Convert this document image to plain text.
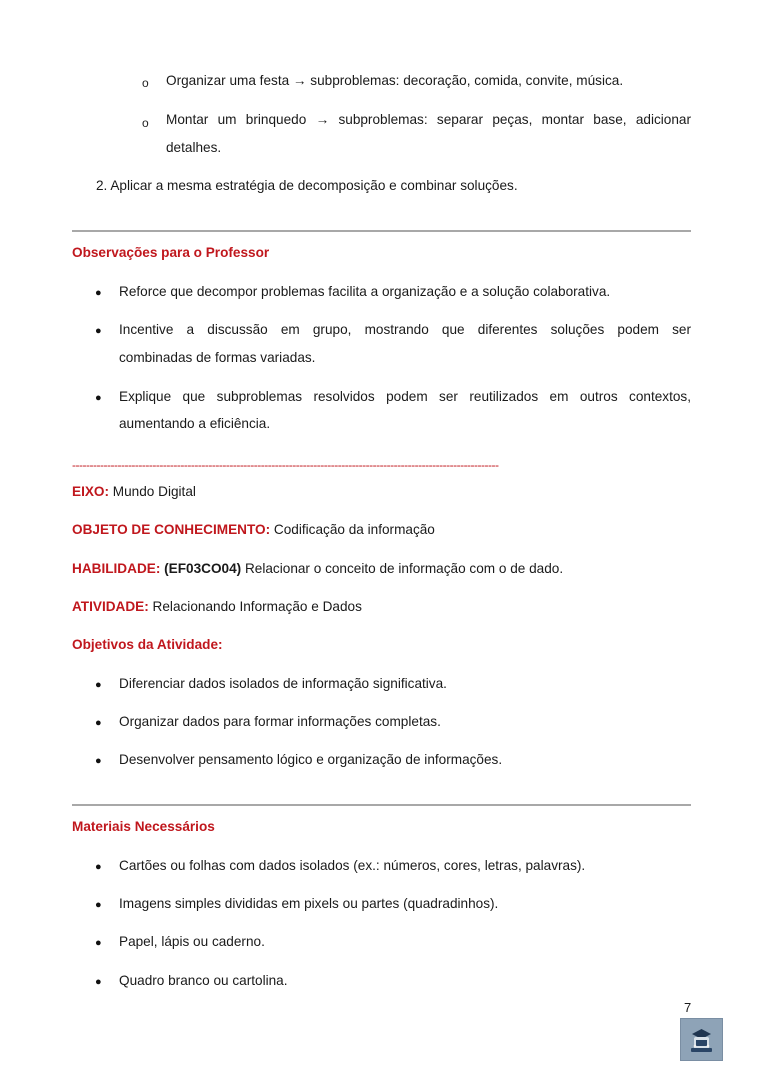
o Organizar uma festa → subproblemas: decoração, comida, convite, música.
o Montar um brinquedo → subproblemas: separar peças, montar base, adicionar
detalhes.
2. Aplicar a mesma estratégia de decomposição e combinar soluções.
Observações para o Professor
● Reforce que decompor problemas facilita a organização e a solução colaborativa.
● Incentive a discussão em grupo, mostrando que diferentes soluções podem ser
combinadas de formas variadas.
● Explique que subproblemas resolvidos podem ser reutilizados em outros contextos,
aumentando a eficiência.
--------------------------------------------------------------------------------------------------------------------------
EIXO: Mundo Digital
OBJETO DE CONHECIMENTO: Codificação da informação
HABILIDADE: (EF03CO04) Relacionar o conceito de informação com o de dado.
ATIVIDADE: Relacionando Informação e Dados
Objetivos da Atividade:
● Diferenciar dados isolados de informação significativa.
● Organizar dados para formar informações completas.
● Desenvolver pensamento lógico e organização de informações.
Materiais Necessários
● Cartões ou folhas com dados isolados (ex.: números, cores, letras, palavras).
● Imagens simples divididas em pixels ou partes (quadradinhos).
● Papel, lápis ou caderno.
● Quadro branco ou cartolina.
7
